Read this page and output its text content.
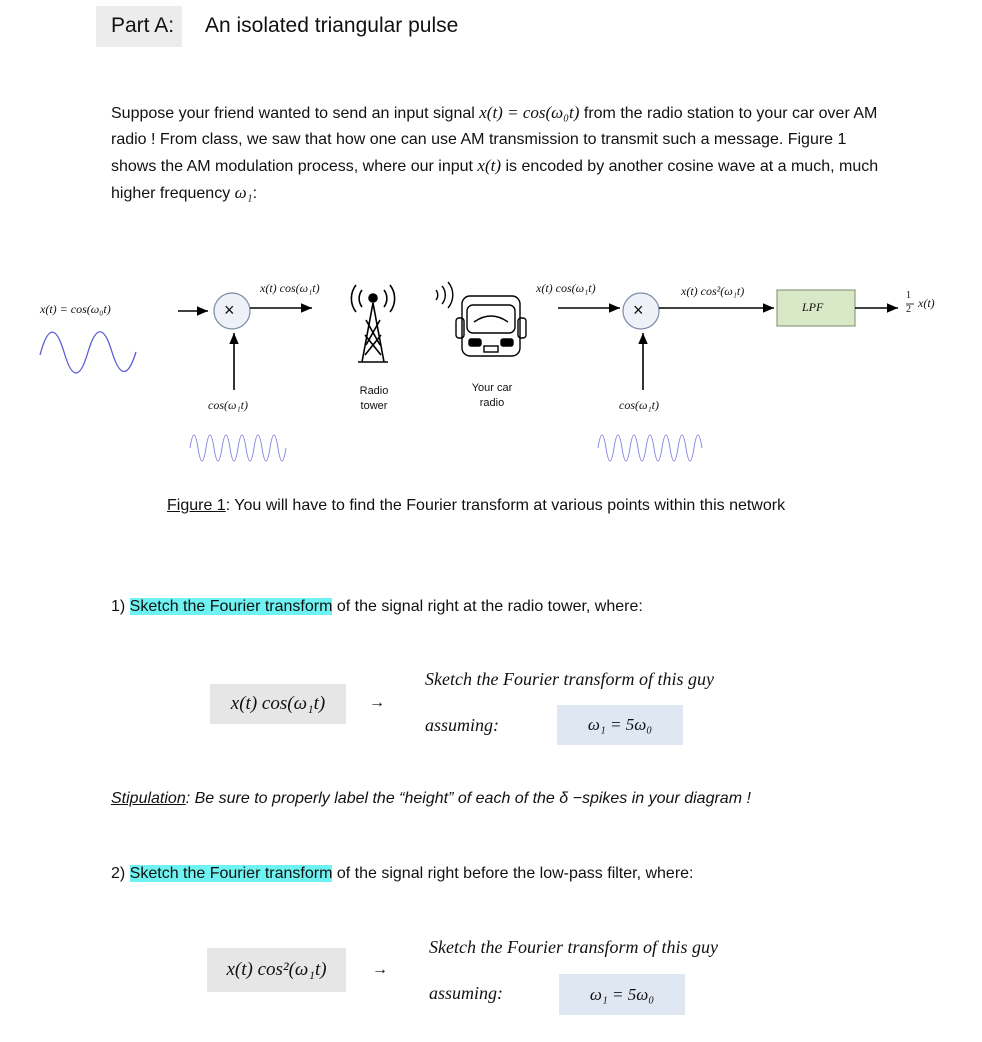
Part A: An isolated triangular pulse
Suppose your friend wanted to send an input signal x(t) = cos(ω₀t) from the radio station to your car over AM radio ! From class, we saw that how one can use AM transmission to transmit such a message. Figure 1 shows the AM modulation process, where our input x(t) is encoded by another cosine wave at a much, much higher frequency ω₁:
x(t) = cos(ω₀t)	×
x(t) cos(ω₁t)
cos(ω₁t)
Radio
tower
Your car
radio
x(t) cos(ω₁t)
×
x(t) cos²(ω₁t)
cos(ω₁t)
LPF
1
2 x(t)
Figure 1: You will have to find the Fourier transform at various points within this network
1) Sketch the Fourier transform of the signal right at the radio tower, where:
x(t) cos(ω₁t)	→
Sketch the Fourier transform of this guy
assuming:	ω₁ = 5ω₀
Stipulation: Be sure to properly label the “height” of each of the δ −spikes in your diagram !
2) Sketch the Fourier transform of the signal right before the low-pass filter, where:
x(t) cos²(ω₁t)	→
Sketch the Fourier transform of this guy
assuming:	ω₁ = 5ω₀
